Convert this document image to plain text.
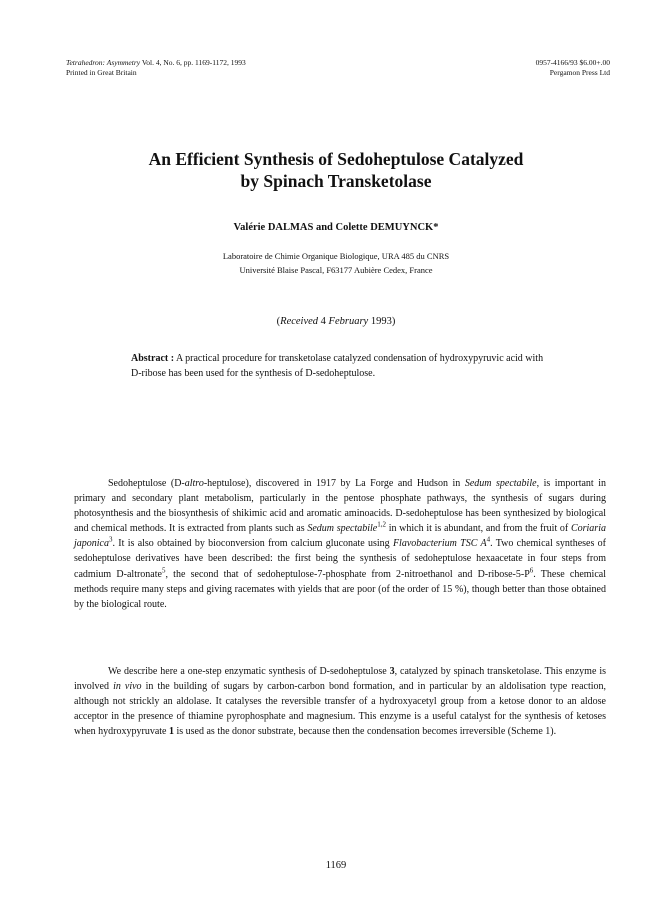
Tetrahedron: Asymmetry Vol. 4, No. 6, pp. 1169-1172, 1993
Printed in Great Britain
0957-4166/93 $6.00+.00
Pergamon Press Ltd
An Efficient Synthesis of Sedoheptulose Catalyzed
by Spinach Transketolase
Valérie DALMAS and Colette DEMUYNCK*
Laboratoire de Chimie Organique Biologique, URA 485 du CNRS
Université Blaise Pascal, F63177 Aubière Cedex, France
(Received 4 February 1993)
Abstract : A practical procedure for transketolase catalyzed condensation of hydroxypyruvic acid with D-ribose has been used for the synthesis of D-sedoheptulose.
Sedoheptulose (D-altro-heptulose), discovered in 1917 by La Forge and Hudson in Sedum spectabile, is important in primary and secondary plant metabolism, particularly in the pentose phosphate pathways, the synthesis of sugars during photosynthesis and the biosynthesis of shikimic acid and aromatic aminoacids. D-sedoheptulose has been synthesized by biological and chemical methods. It is extracted from plants such as Sedum spectabile$^{1,2}$ in which it is abundant, and from the fruit of Coriaria japonica$^3$. It is also obtained by bioconversion from calcium gluconate using Flavobacterium TSC $A^4$. Two chemical syntheses of sedoheptulose derivatives have been described: the first being the synthesis of sedoheptulose hexaacetate in four steps from cadmium D-altronate$^5$, the second that of sedoheptulose-7-phosphate from 2-nitroethanol and $D-ribose-5-P^6$. These chemical methods require many steps and giving racemates with yields that are poor (of the order of 15 %), though better than those obtained by the biological route.
We describe here a one-step enzymatic synthesis of D-sedoheptulose 3, catalyzed by spinach transketolase. This enzyme is involved in vivo in the building of sugars by carbon-carbon bond formation, and in particular by an aldolisation type reaction, although not strickly an aldolase. It catalyses the reversible transfer of a hydroxyacetyl group from a ketose donor to an aldose acceptor in the presence of thiamine pyrophosphate and magnesium. This enzyme is a useful catalyst for the synthesis of ketoses when hydroxypyruvate 1 is used as the donor substrate, because then the condensation becomes irreversible (Scheme 1).
1169
